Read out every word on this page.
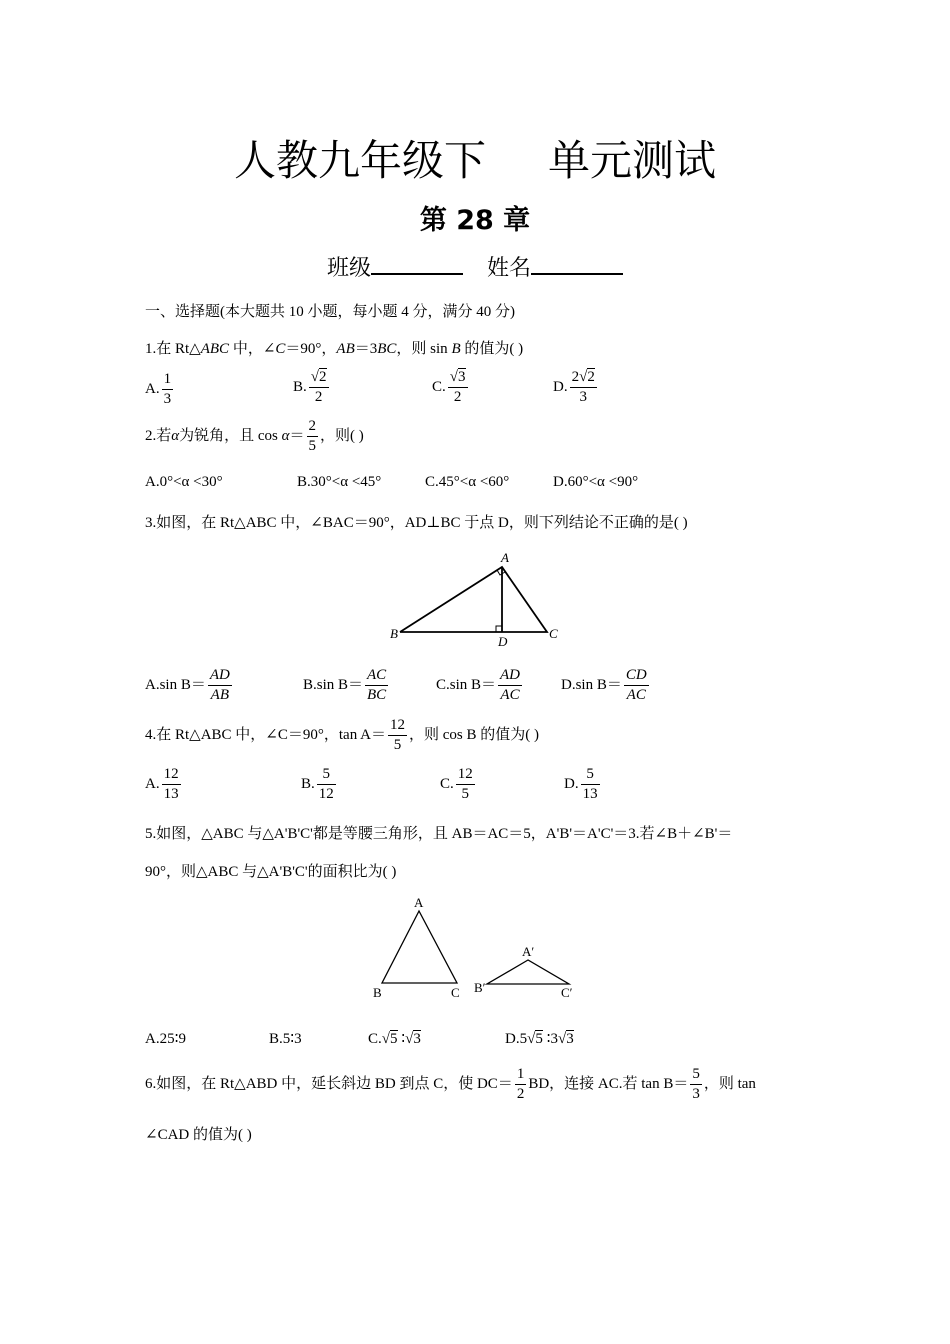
人教九年级下 单元测试
第 28 章
班级	姓名
一、选择题(本大题共 10 小题，每小题 4 分，满分 40 分)
1.在 Rt△ABC 中，∠C＝90°，AB＝3BC，则 sin B 的值为( )
A. $\frac{1}{3}$	B. $\frac{√2}{2}$	C. $\frac{√3}{2}$	D. $\frac{2√2}{3}$
2.若α为锐角，且 $\cos \alpha= \frac{2}{5}$ ，则( )
A.0°<α <30°	B.30°<α <45°	C.45°<α <60°	D.60°<α <90°
3.如图，在 Rt△ABC 中，∠BAC＝90°，AD⊥BC 于点 D，则下列结论不正确的是( )
A
B	C
D
A.sin $B= \frac{AD}{AB}$	B.sin $B= \frac{AC}{BC}$	C.sin $B= \frac{AD}{AC}$	D.sin $B= \frac{CD}{AC}$
4.在 Rt△ABC 中，∠C＝90°，$\tan A= \frac{12}{5}$ ，则 cos B 的值为( )
A. $\frac{12}{13}$	B. $\frac{5}{12}$	C. $\frac{12}{5}$	D. $\frac{5}{13}$
5.如图，△ABC 与△A'B'C'都是等腰三角形，且 AB＝AC＝5，A'B'＝A'C'＝3.若∠B＋∠B'＝
90°，则△ABC 与△A'B'C'的面积比为( )
A
B	C
A′
B′	C′
A.25∶9	B.5∶3	C.√5 ∶√3	D.5√5 ∶3√3
6.如图，在 Rt△ABD 中，延长斜边 BD 到点 C，使 $DC= \frac{1}{2}$ BD，连接 AC.若 $\tan B= \frac{5}{3}$ ，则 tan
∠CAD 的值为( )
